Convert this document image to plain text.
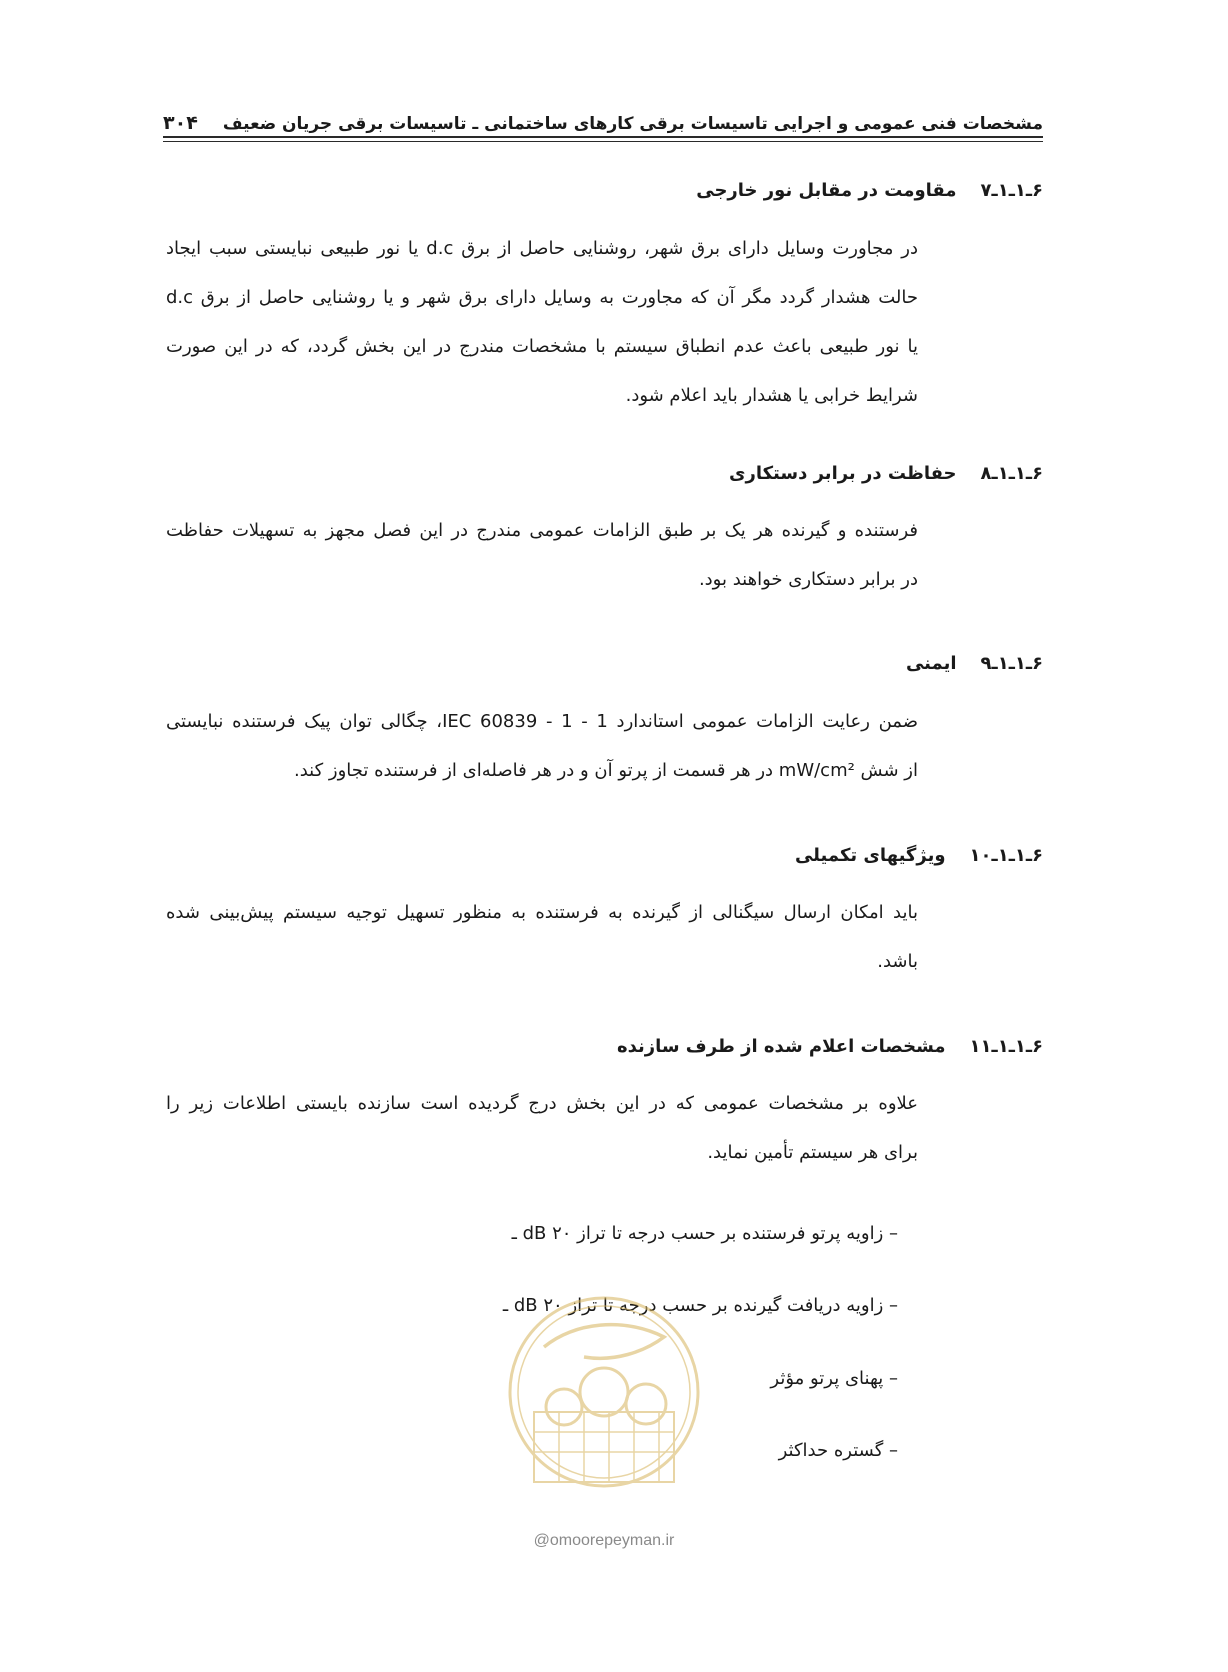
۳۰۴ مشخصات فنی عمومی و اجرایی تاسیسات برقی کارهای ساختمانی ـ تاسیسات برقی جریان ضعیف
۶ـ۱ـ۱ـ۷
مقاومت در مقابل نور خارجی
در مجاورت وسایل دارای برق شهر، روشنایی حاصل از برق d.c یا نور طبیعی نبایستی سبب ایجاد
حالت هشدار گردد مگر آن که مجاورت به وسایل دارای برق شهر و یا روشنایی حاصل از برق d.c
یا نور طبیعی باعث عدم انطباق سیستم با مشخصات مندرج در این بخش گردد، که در این صورت
شرایط خرابی یا هشدار باید اعلام شود.
۶ـ۱ـ۱ـ۸
حفاظت در برابر دستکاری
فرستنده و گیرنده هر یک بر طبق الزامات عمومی مندرج در این فصل مجهز به تسهیلات حفاظت
در برابر دستکاری خواهند بود.
۶ـ۱ـ۱ـ۹
ایمنی
ضمن رعایت الزامات عمومی استاندارد IEC 60839 - 1 - 1، چگالی توان پیک فرستنده نبایستی
از شش mW/cm² در هر قسمت از پرتو آن و در هر فاصله‌ای از فرستنده تجاوز کند.
۶ـ۱ـ۱ـ۱۰
ویژگیهای تکمیلی
باید امکان ارسال سیگنالی از گیرنده به فرستنده به منظور تسهیل توجیه سیستم پیش‌بینی شده
باشد.
۶ـ۱ـ۱ـ۱۱
مشخصات اعلام شده از طرف سازنده
علاوه بر مشخصات عمومی که در این بخش درج گردیده است سازنده بایستی اطلاعات زیر را
برای هر سیستم تأمین نماید.
– زاویه پرتو فرستنده بر حسب درجه تا تراز ۲۰ dB ـ
– زاویه دریافت گیرنده بر حسب درجه تا تراز ۲۰ dB ـ
– پهنای پرتو مؤثر
– گستره حداکثر
@omoorepeyman.ir
